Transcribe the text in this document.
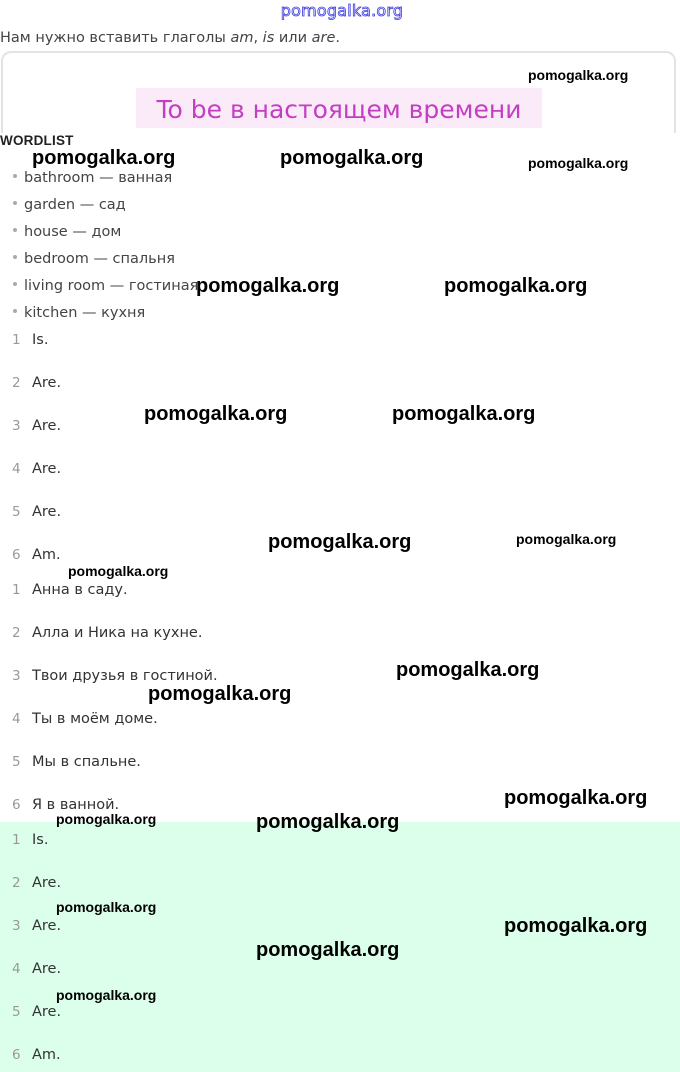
pomogalka.org
Нам нужно вставить глаголы am, is или are.
To be в настоящем времени
WORDLIST
bathroom — ванная
garden — сад
house — дом
bedroom — спальня
living room — гостиная
kitchen — кухня
1 Is.
2 Are.
3 Are.
4 Are.
5 Are.
6 Am.
1 Анна в саду.
2 Алла и Ника на кухне.
3 Твои друзья в гостиной.
4 Ты в моём доме.
5 Мы в спальне.
6 Я в ванной.
1 Is.
2 Are.
3 Are.
4 Are.
5 Are.
6 Am.
pomogalka.org
pomogalka.org	pomogalka.org	pomogalka.org
pomogalka.org	pomogalka.org
pomogalka.org	pomogalka.org
pomogalka.org	pomogalka.org
pomogalka.org
pomogalka.org
pomogalka.org
pomogalka.org
pomogalka.org	pomogalka.org
pomogalka.org
pomogalka.org
pomogalka.org
pomogalka.org
